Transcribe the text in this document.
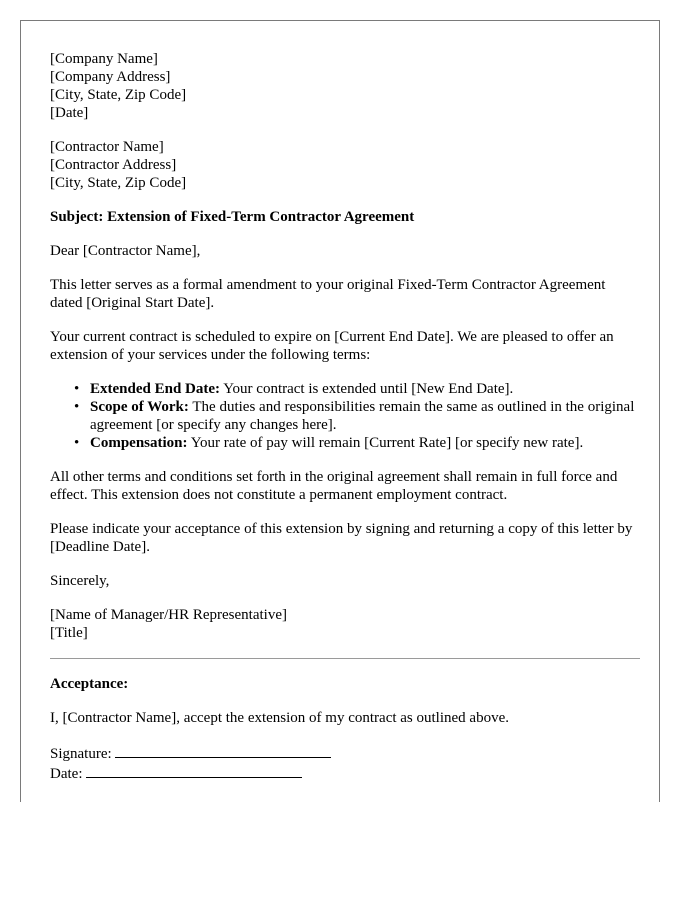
[Company Name]

[Company Address]

[City, State, Zip Code]

[Date]

[Contractor Name]

[Contractor Address]

[City, State, Zip Code]

Subject: Extension of Fixed-Term Contractor Agreement

Dear [Contractor Name],

This letter serves as a formal amendment to your original Fixed-Term Contractor Agreement dated [Original Start Date].

Your current contract is scheduled to expire on [Current End Date]. We are pleased to offer an extension of your services under the following terms:

• Extended End Date: Your contract is extended until [New End Date].
• Scope of Work: The duties and responsibilities remain the same as outlined in the original agreement [or specify any changes here].
• Compensation: Your rate of pay will remain [Current Rate] [or specify new rate].

All other terms and conditions set forth in the original agreement shall remain in full force and effect. This extension does not constitute a permanent employment contract.

Please indicate your acceptance of this extension by signing and returning a copy of this letter by [Deadline Date].

Sincerely,

[Name of Manager/HR Representative]

[Title]

Acceptance:

I, [Contractor Name], accept the extension of my contract as outlined above.

Signature:

Date:
